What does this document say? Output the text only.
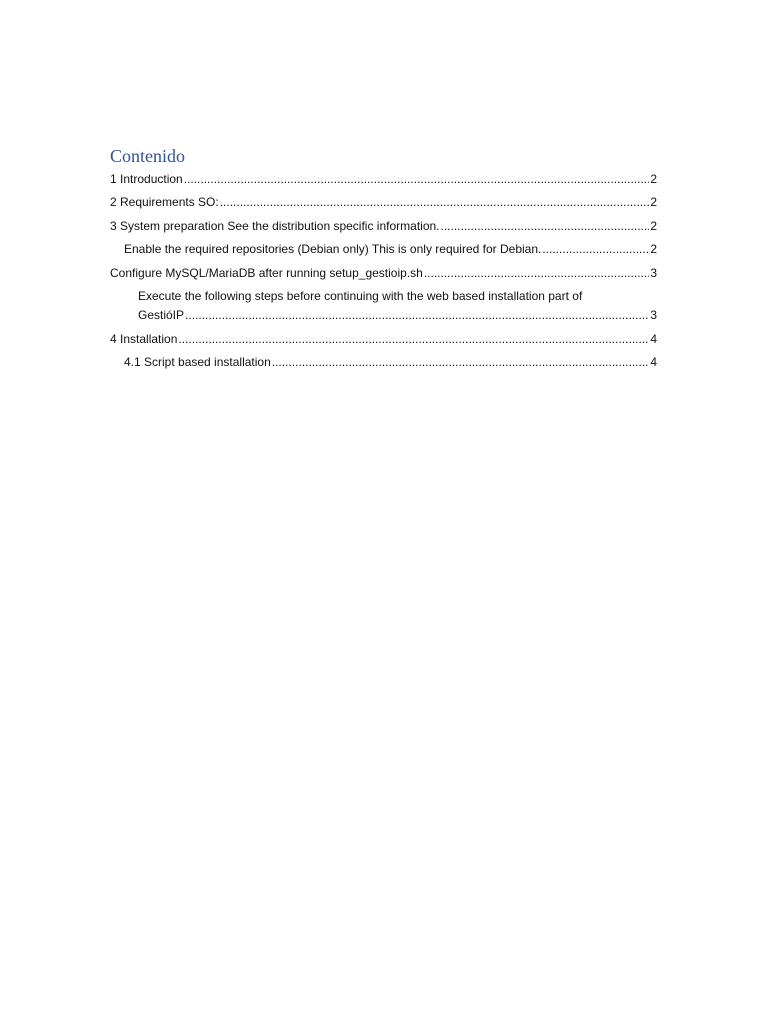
Contenido
1 Introduction .....	2
2 Requirements SO: .....	2
3 System preparation See the distribution specific information. .....	2
Enable the required repositories (Debian only) This is only required for Debian. .....	2
Configure MySQL/MariaDB after running setup_gestioip.sh .....	3
Execute the following steps before continuing with the web based installation part of
GestióIP .....	3
4 Installation .....	4
4.1 Script based installation .....	4
